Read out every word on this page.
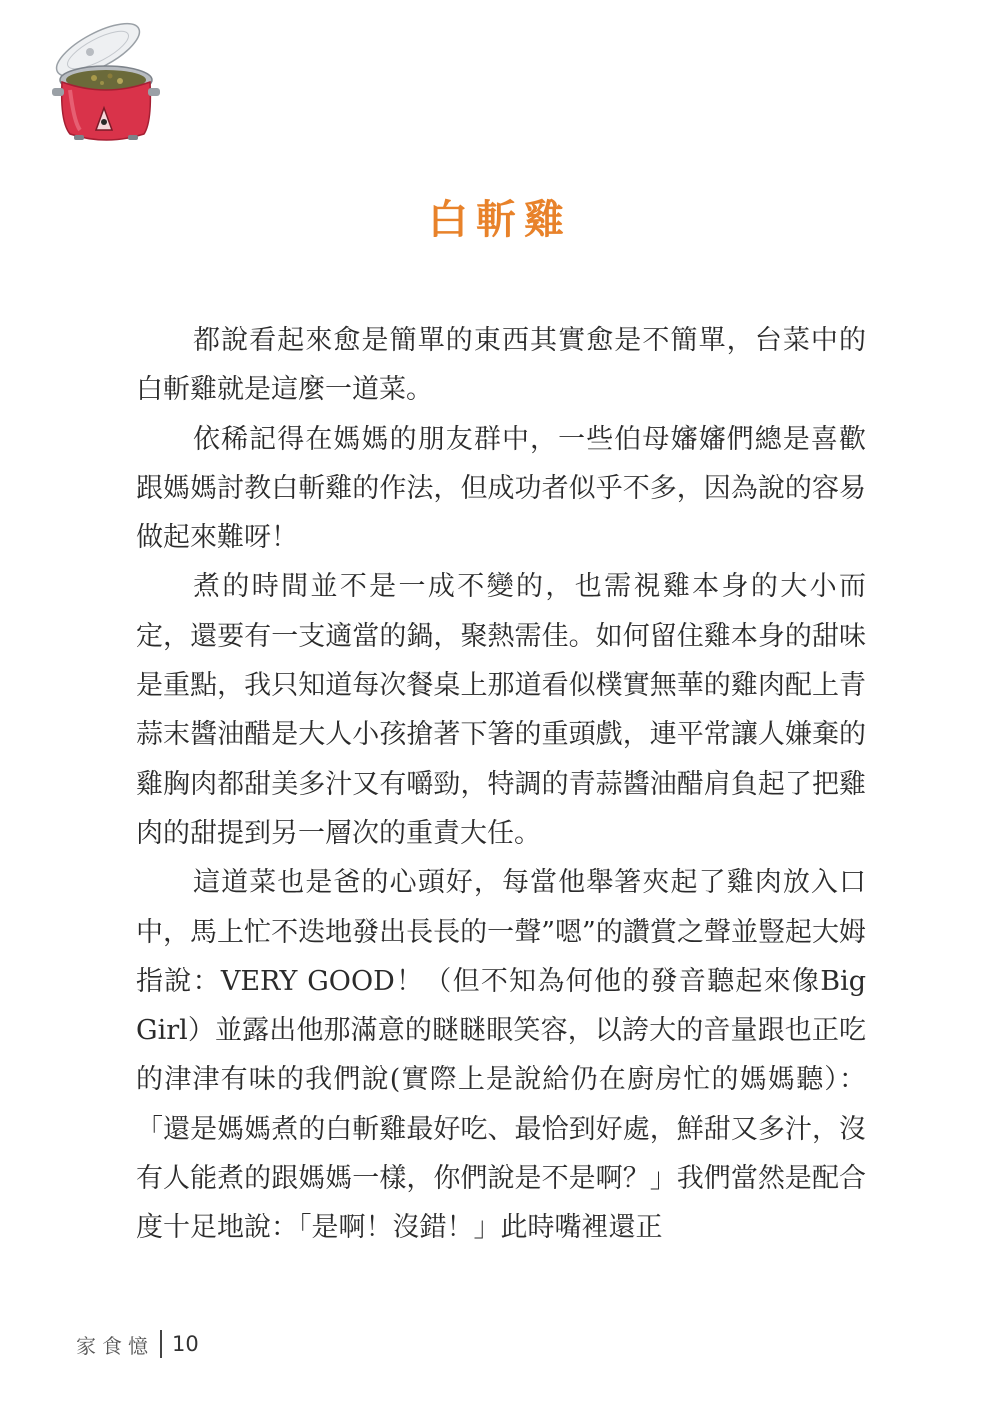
白斬雞

都說看起來愈是簡單的東西其實愈是不簡單，台菜中的白斬雞就是這麼一道菜。

依稀記得在媽媽的朋友群中，一些伯母嬸嬸們總是喜歡跟媽媽討教白斬雞的作法，但成功者似乎不多，因為說的容易做起來難呀！

煮的時間並不是一成不變的，也需視雞本身的大小而定，還要有一支適當的鍋，聚熱需佳。如何留住雞本身的甜味是重點，我只知道每次餐桌上那道看似樸實無華的雞肉配上青蒜末醬油醋是大人小孩搶著下箸的重頭戲，連平常讓人嫌棄的雞胸肉都甜美多汁又有嚼勁，特調的青蒜醬油醋肩負起了把雞肉的甜提到另一層次的重責大任。

這道菜也是爸的心頭好，每當他舉箸夾起了雞肉放入口中，馬上忙不迭地發出長長的一聲”嗯”的讚賞之聲並豎起大姆指說：VERY GOOD！（但不知為何他的發音聽起來像Big Girl）並露出他那滿意的瞇瞇眼笑容，以誇大的音量跟也正吃的津津有味的我們說(實際上是說給仍在廚房忙的媽媽聽）：「還是媽媽煮的白斬雞最好吃、最恰到好處，鮮甜又多汁，沒有人能煮的跟媽媽一樣，你們說是不是啊？」我們當然是配合度十足地說：「是啊！沒錯！」此時嘴裡還正

家食憶 10
